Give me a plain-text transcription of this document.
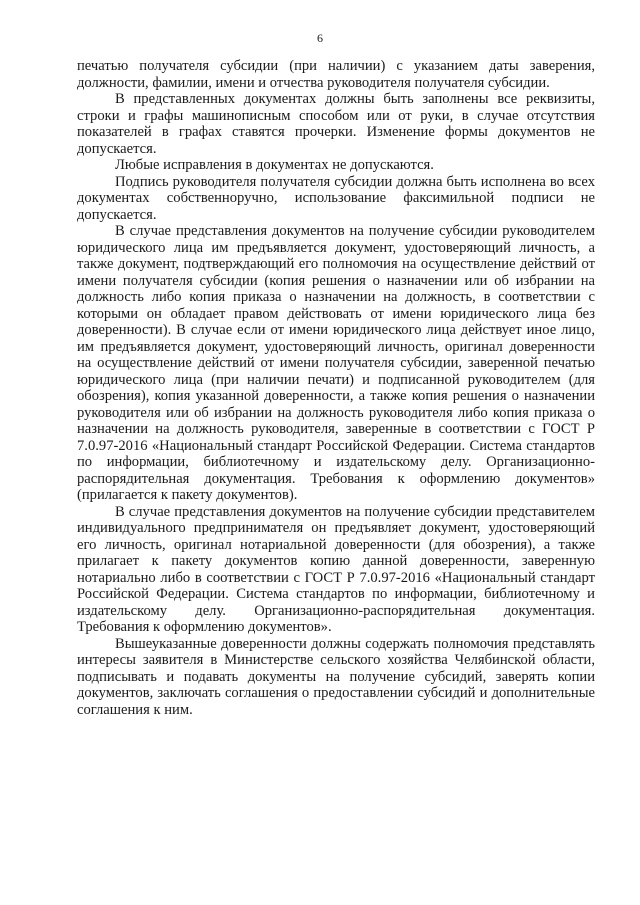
6

печатью получателя субсидии (при наличии) с указанием даты заверения, должности, фамилии, имени и отчества руководителя получателя субсидии.

В представленных документах должны быть заполнены все реквизиты, строки и графы машинописным способом или от руки, в случае отсутствия показателей в графах ставятся прочерки. Изменение формы документов не допускается.

Любые исправления в документах не допускаются.

Подпись руководителя получателя субсидии должна быть исполнена во всех документах собственноручно, использование факсимильной подписи не допускается.

В случае представления документов на получение субсидии руководителем юридического лица им предъявляется документ, удостоверяющий личность, а также документ, подтверждающий его полномочия на осуществление действий от имени получателя субсидии (копия решения о назначении или об избрании на должность либо копия приказа о назначении на должность, в соответствии с которыми он обладает правом действовать от имени юридического лица без доверенности). В случае если от имени юридического лица действует иное лицо, им предъявляется документ, удостоверяющий личность, оригинал доверенности на осуществление действий от имени получателя субсидии, заверенной печатью юридического лица (при наличии печати) и подписанной руководителем (для обозрения), копия указанной доверенности, а также копия решения о назначении руководителя или об избрании на должность руководителя либо копия приказа о назначении на должность руководителя, заверенные в соответствии с ГОСТ Р 7.0.97-2016 «Национальный стандарт Российской Федерации. Система стандартов по информации, библиотечному и издательскому делу. Организационно-распорядительная документация. Требования к оформлению документов» (прилагается к пакету документов).

В случае представления документов на получение субсидии представителем индивидуального предпринимателя он предъявляет документ, удостоверяющий его личность, оригинал нотариальной доверенности (для обозрения), а также прилагает к пакету документов копию данной доверенности, заверенную нотариально либо в соответствии с ГОСТ Р 7.0.97-2016 «Национальный стандарт Российской Федерации. Система стандартов по информации, библиотечному и издательскому делу. Организационно-распорядительная документация. Требования к оформлению документов».

Вышеуказанные доверенности должны содержать полномочия представлять интересы заявителя в Министерстве сельского хозяйства Челябинской области, подписывать и подавать документы на получение субсидий, заверять копии документов, заключать соглашения о предоставлении субсидий и дополнительные соглашения к ним.
